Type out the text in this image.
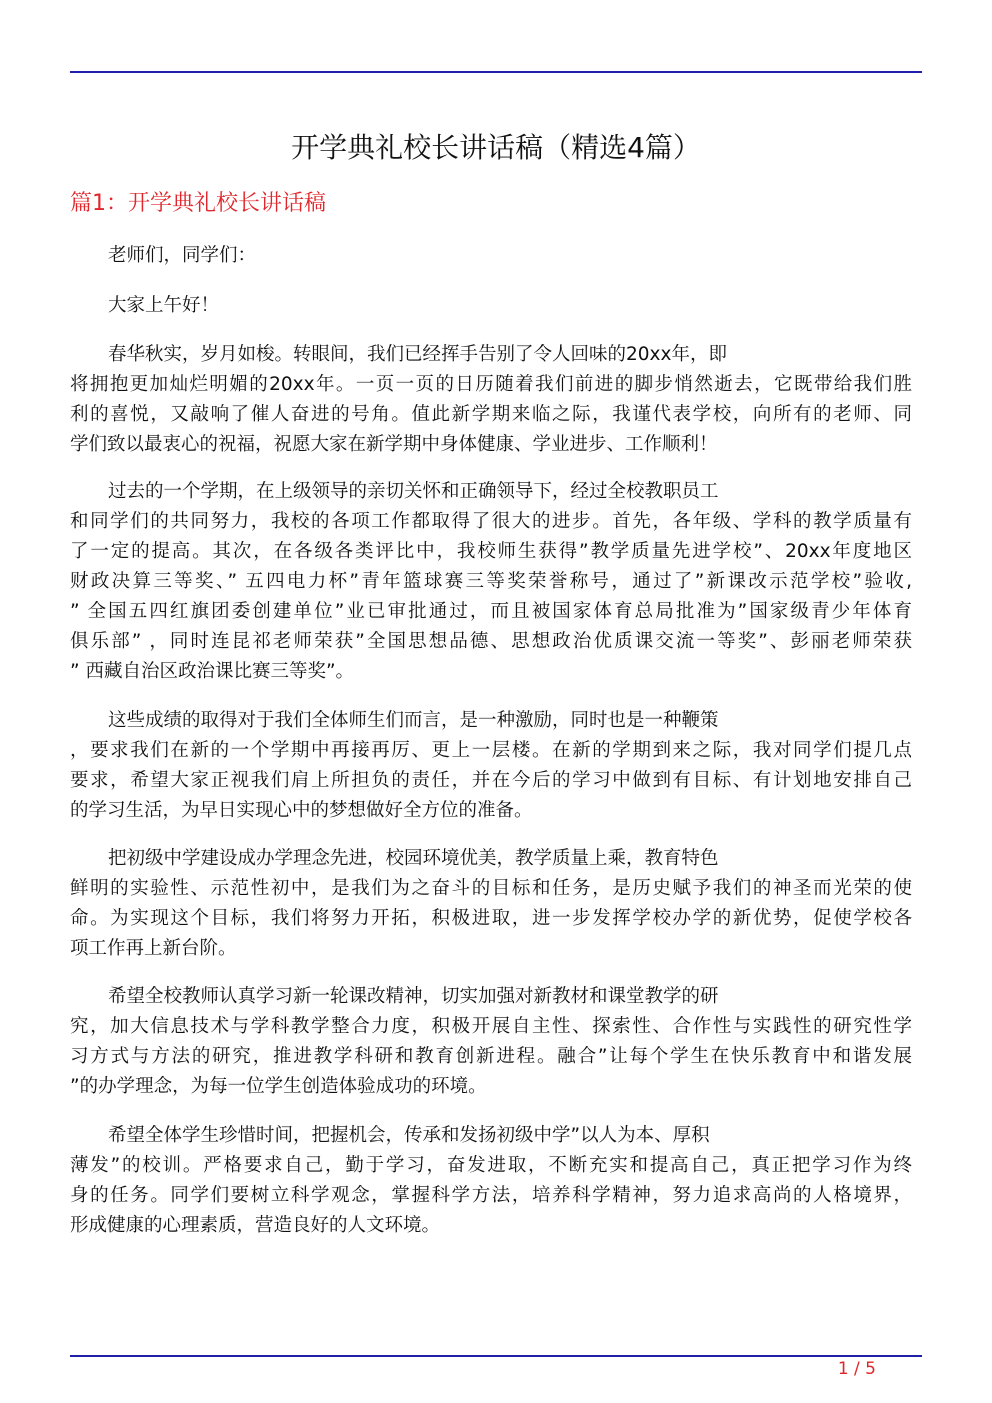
开学典礼校长讲话稿（精选4篇）
篇1：开学典礼校长讲话稿
老师们，同学们：
大家上午好！
春华秋实，岁月如梭。转眼间，我们已经挥手告别了令人回味的20xx年，即
将拥抱更加灿烂明媚的20xx年。一页一页的日历随着我们前进的脚步悄然逝去，它既带给我们胜
利的喜悦，又敲响了催人奋进的号角。值此新学期来临之际，我谨代表学校，向所有的老师、同
学们致以最衷心的祝福，祝愿大家在新学期中身体健康、学业进步、工作顺利！
过去的一个学期，在上级领导的亲切关怀和正确领导下，经过全校教职员工
和同学们的共同努力，我校的各项工作都取得了很大的进步。首先，各年级、学科的教学质量有
了一定的提高。其次，在各级各类评比中，我校师生获得”教学质量先进学校”、20xx年度地区
财政决算三等奖、” 五四电力杯”青年篮球赛三等奖荣誉称号，通过了”新课改示范学校”验收,
” 全国五四红旗团委创建单位”业已审批通过，而且被国家体育总局批准为”国家级青少年体育
俱乐部” ，同时连昆祁老师荣获”全国思想品德、思想政治优质课交流一等奖”、彭丽老师荣获
” 西藏自治区政治课比赛三等奖”。
这些成绩的取得对于我们全体师生们而言，是一种激励，同时也是一种鞭策
，要求我们在新的一个学期中再接再厉、更上一层楼。在新的学期到来之际，我对同学们提几点
要求，希望大家正视我们肩上所担负的责任，并在今后的学习中做到有目标、有计划地安排自己
的学习生活，为早日实现心中的梦想做好全方位的准备。
把初级中学建设成办学理念先进，校园环境优美，教学质量上乘，教育特色
鲜明的实验性、示范性初中，是我们为之奋斗的目标和任务，是历史赋予我们的神圣而光荣的使
命。为实现这个目标，我们将努力开拓，积极进取，进一步发挥学校办学的新优势，促使学校各
项工作再上新台阶。
希望全校教师认真学习新一轮课改精神，切实加强对新教材和课堂教学的研
究，加大信息技术与学科教学整合力度，积极开展自主性、探索性、合作性与实践性的研究性学
习方式与方法的研究，推进教学科研和教育创新进程。融合”让每个学生在快乐教育中和谐发展
”的办学理念，为每一位学生创造体验成功的环境。
希望全体学生珍惜时间，把握机会，传承和发扬初级中学”以人为本、厚积
薄发”的校训。严格要求自己，勤于学习，奋发进取，不断充实和提高自己，真正把学习作为终
身的任务。同学们要树立科学观念，掌握科学方法，培养科学精神，努力追求高尚的人格境界，
形成健康的心理素质，营造良好的人文环境。
1 / 5
